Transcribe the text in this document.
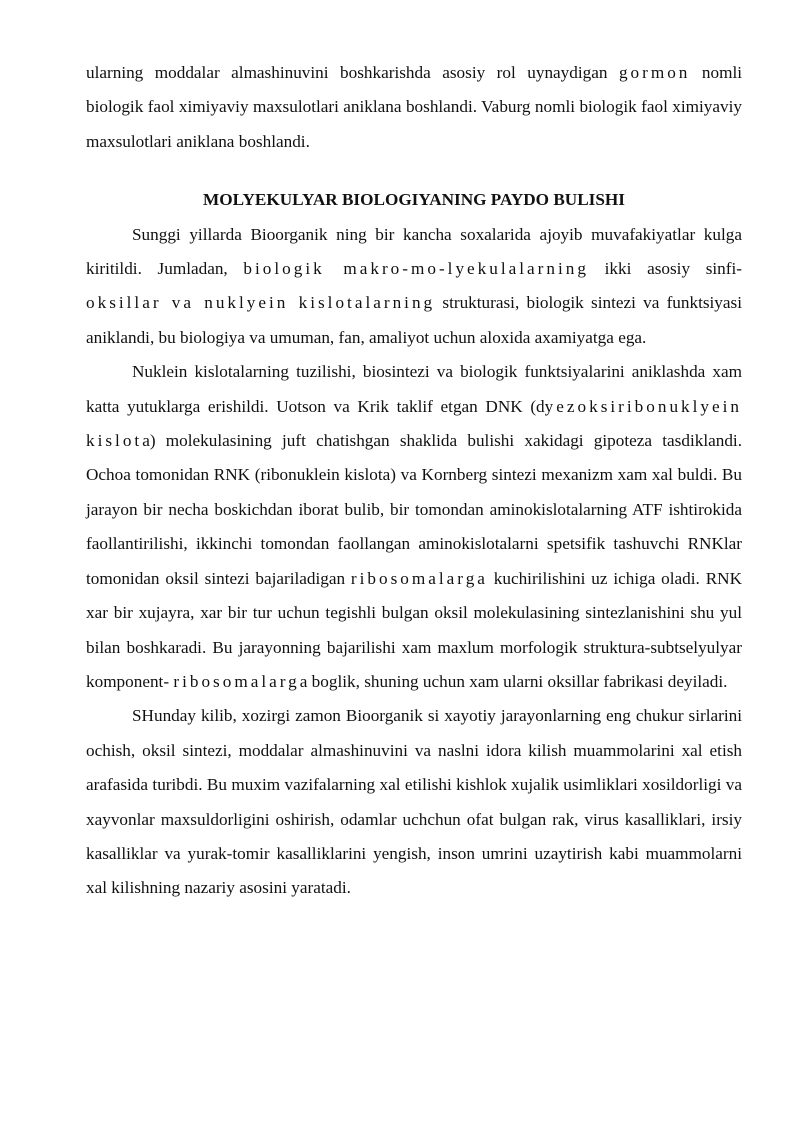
ularning moddalar almashinuvini boshkarishda asosiy rol uynaydigan gormon nomli biologik faol ximiyaviy maxsulotlari aniklana boshlandi. Vaburg nomli biologik faol ximiyaviy maxsulotlari aniklana boshlandi.

MOLYEKULYAR BIOLOGIYANING PAYDO BULISHI

Sunggi yillarda Bioorganik ning bir kancha soxalarida ajoyib muvafakiyatlar kulga kiritildi. Jumladan, biologik makro-mo-lyekulalarning ikki asosiy sinfi- oksillar va nuklyein kislotalarning strukturasi, biologik sintezi va funktsiyasi aniklandi, bu biologiya va umuman, fan, amaliyot uchun aloxida axamiyatga ega.

Nuklein kislotalarning tuzilishi, biosintezi va biologik funktsiyalarini aniklashda xam katta yutuklarga erishildi. Uotson va Krik taklif etgan DNK (dyezoksiribonuklyein kislota) molekulasining juft chatishgan shaklida bulishi xakidagi gipoteza tasdiklandi. Ochoa tomonidan RNK (ribonuklein kislota) va Kornberg sintezi mexanizm xam xal buldi. Bu jarayon bir necha boskichdan iborat bulib, bir tomondan aminokislotalarning ATF ishtirokida faollantirilishi, ikkinchi tomondan faollangan aminokislotalarni spetsifik tashuvchi RNKlar tomonidan oksil sintezi bajariladigan ribosomalarga kuchirilishini uz ichiga oladi. RNK xar bir xujayra, xar bir tur uchun tegishli bulgan oksil molekulasining sintezlanishini shu yul bilan boshkaradi. Bu jarayonning bajarilishi xam maxlum morfologik struktura-subtselyulyar komponent- ribosomalarga boglik, shuning uchun xam ularni oksillar fabrikasi deyiladi.

SHunday kilib, xozirgi zamon Bioorganik si xayotiy jarayonlarning eng chukur sirlarini ochish, oksil sintezi, moddalar almashinuvini va naslni idora kilish muammolarini xal etish arafasida turibdi. Bu muxim vazifalarning xal etilishi kishlok xujalik usimliklari xosildorligi va xayvonlar maxsuldorligini oshirish, odamlar uchchun ofat bulgan rak, virus kasalliklari, irsiy kasalliklar va yurak-tomir kasalliklarini yengish, inson umrini uzaytirish kabi muammolarni xal kilishning nazariy asosini yaratadi.
